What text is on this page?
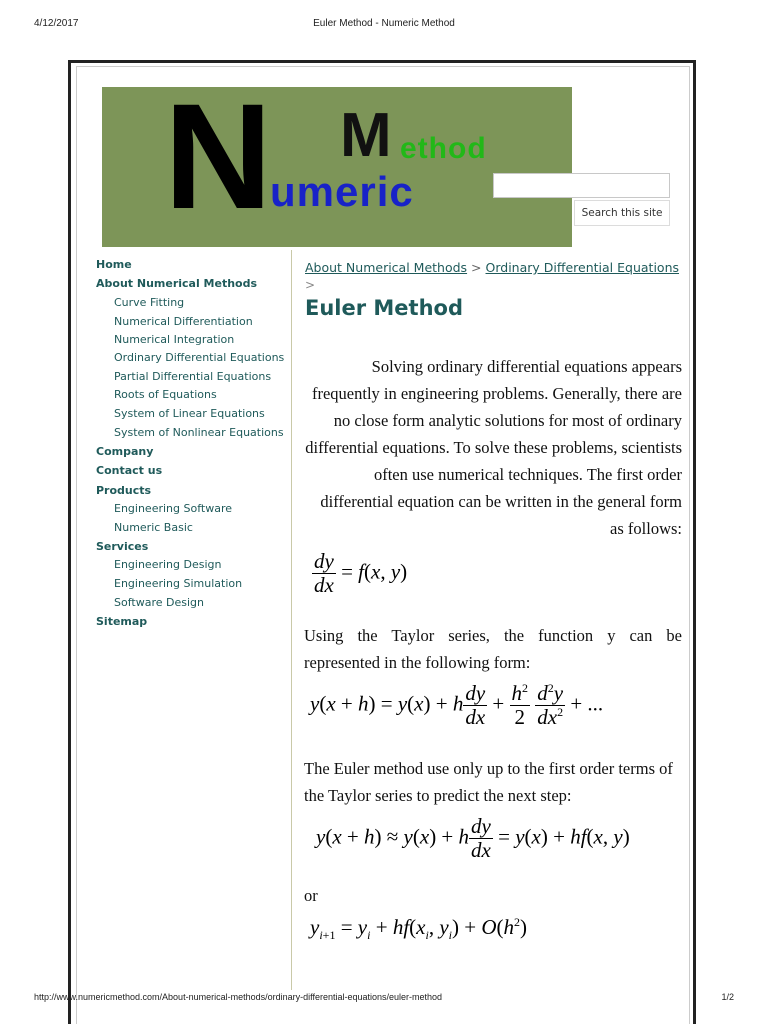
4/12/2017	Euler Method - Numeric Method
N M ethod
umeric	Search this site
Home
About Numerical Methods
Curve Fitting
Numerical Differentiation
Numerical Integration
Ordinary Differential Equations
Partial Differential Equations
Roots of Equations
System of Linear Equations
System of Nonlinear Equations
Company
Contact us
Products
Engineering Software
Numeric Basic
Services
Engineering Design
Engineering Simulation
Software Design
Sitemap
About Numerical Methods > Ordinary Differential Equations
>
Euler Method
Solving ordinary differential equations appears frequently in engineering problems. Generally, there are no close form analytic solutions for most of ordinary differential equations. To solve these problems, scientists often use numerical techniques. The first order differential equation can be written in the general form as follows:
$\frac{dy}{dx} = f(x$, y)
Using the Taylor series, the function y can be represented in the following form:
y(x + h) = y(x) + h $\frac{dy}{dx} + \frac{h^2}{2}$
$\frac{d^2y}{dx^2}$ + ...
The Euler method use only up to the first order terms of the Taylor series to predict the next step:
y(x + h) ≈ y(x) + h $\frac{dy}{dx} = y(x) + hf(x$, y)
or
$y_{i+1} = y_i + hf(x_i$, $y_i) + O(h^2)$
http://www.numericmethod.com/About-numerical-methods/ordinary-differential-equations/euler-method	1/2
